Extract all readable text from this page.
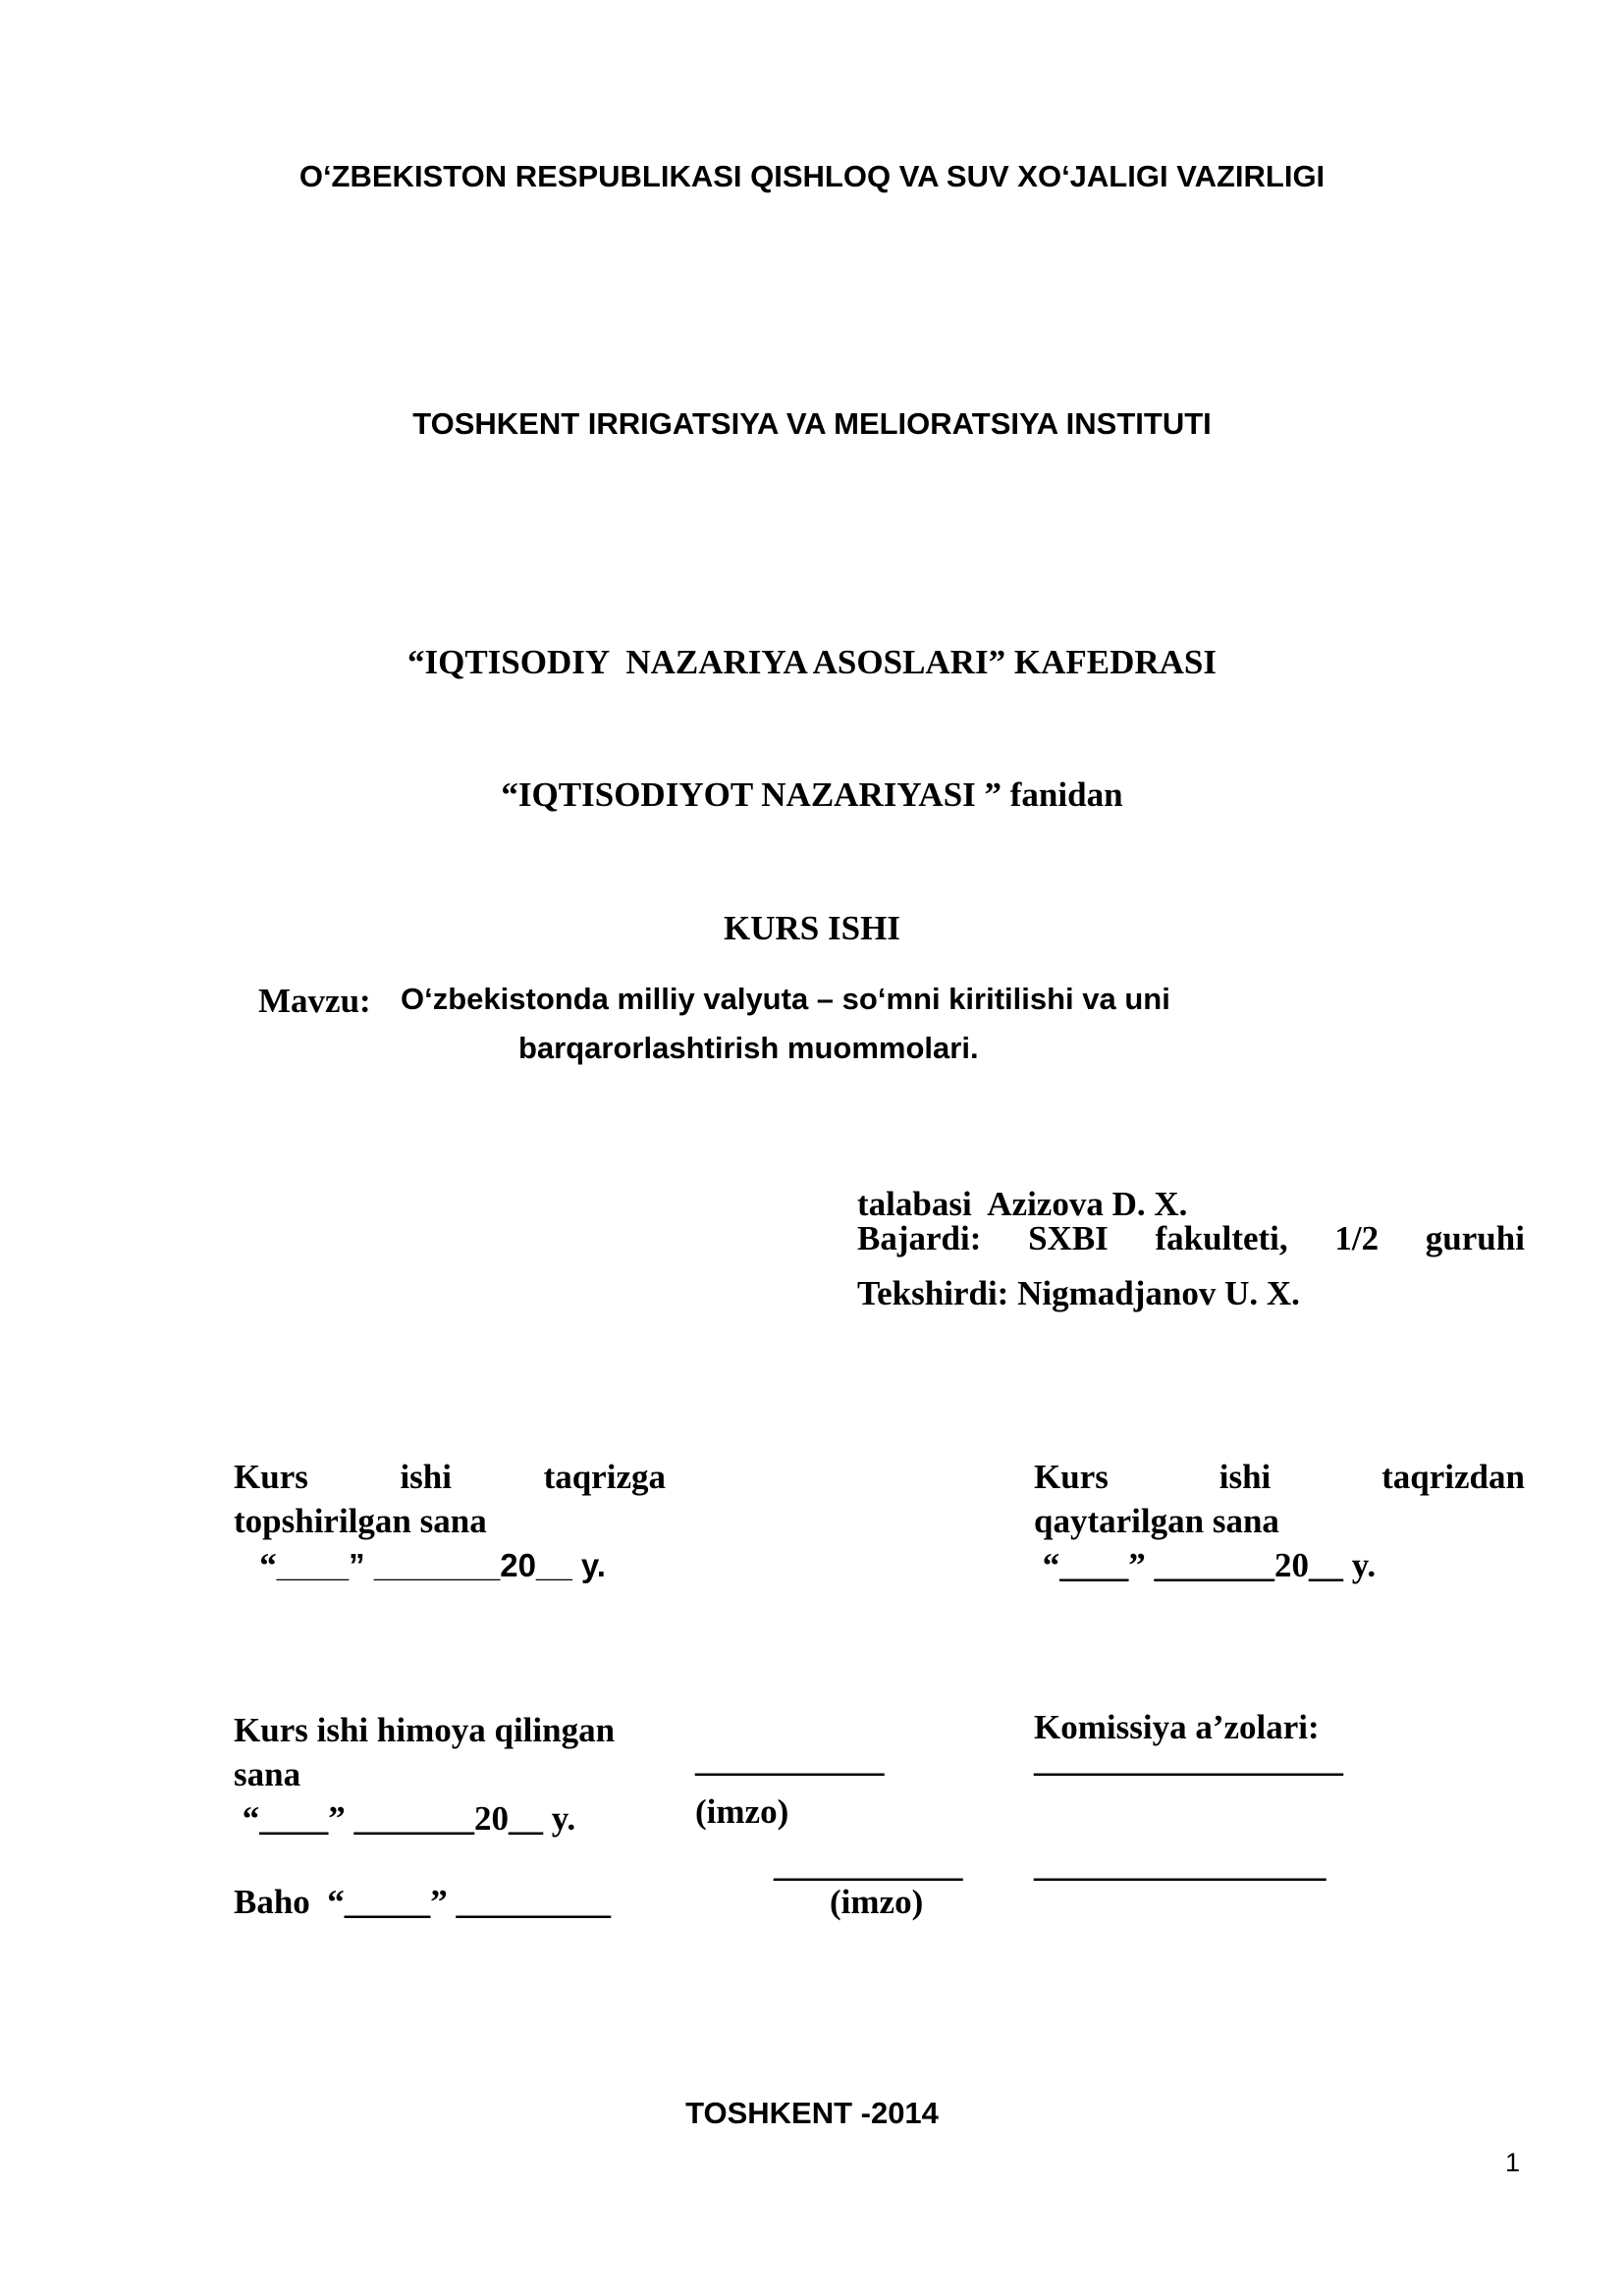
O‘ZBEKISTON RESPUBLIKASI QISHLOQ VA SUV XO‘JALIGI VAZIRLIGI
TOSHKENT IRRIGATSIYA VA MELIORATSIYA INSTITUTI
“IQTISODIY  NAZARIYA ASOSLARI” KAFEDRASI
“IQTISODIYOT NAZARIYASI ” fanidan
KURS ISHI
Mavzu: O‘zbekistonda milliy valyuta – so‘mni kiritilishi va uni
barqarorlashtirish muommolari.

Bajardi: SXBI fakulteti, 1/2 guruhi

talabasi  Azizova D. X.
Tekshirdi: Nigmadjanov U. X.
Kurs	ishi	taqrizga
topshirilgan sana
“____” _______20__ y.
Kurs	ishi	taqrizdan
qaytarilgan sana
“____” _______20__ y.
Kurs ishi himoya qilingan
sana
“____” _______20__ y.
___________
(imzo)
Komissiya a’zolari:
__________________
___________ _________________
Baho  “_____” _________	(imzo)
TOSHKENT -2014
1
